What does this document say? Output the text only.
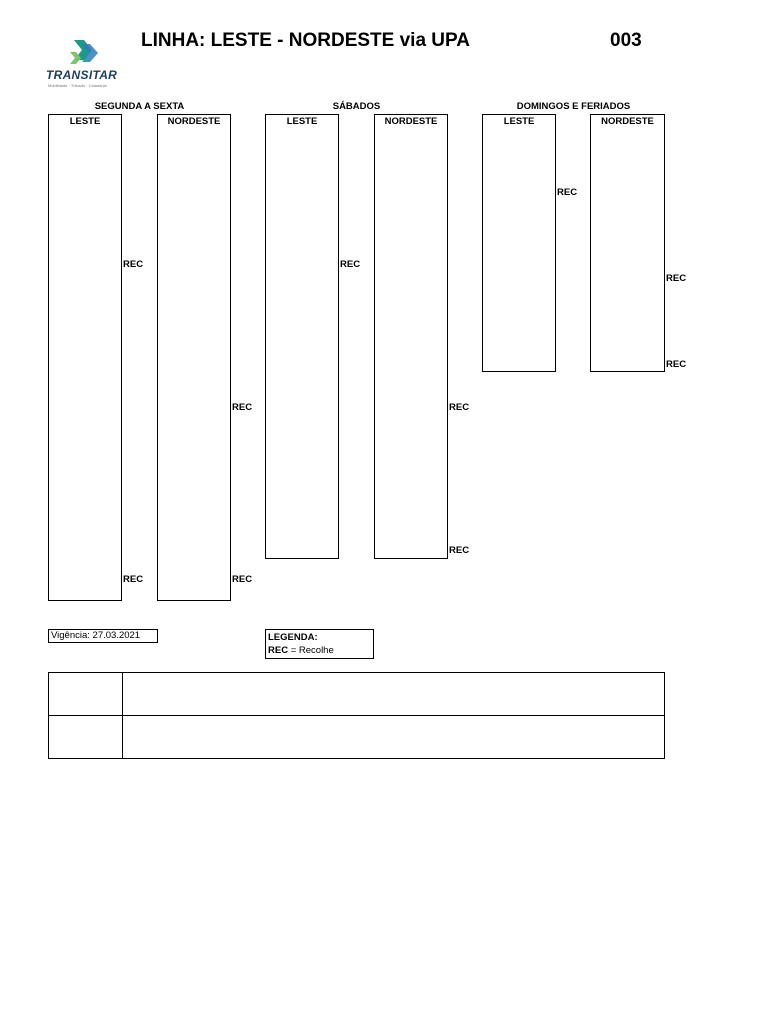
LINHA: LESTE - NORDESTE via UPA	003
TRANSITAR
Mobilidade · Trânsito · Cidadania
SEGUNDA A SEXTA	SÁBADOS	DOMINGOS E FERIADOS
LESTE	NORDESTE	LESTE	NORDESTE	LESTE	NORDESTE
REC
REC
REC
REC
REC
REC
REC
REC
REC
REC
Vigência: 27.03.2021	LEGENDA:
REC = Recolhe
